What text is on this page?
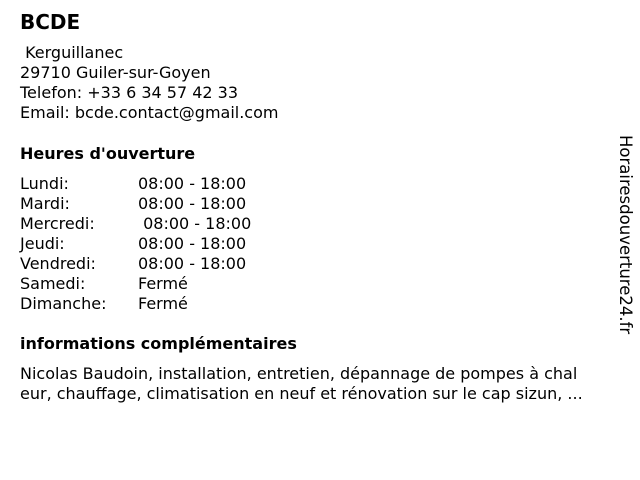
BCDE
Kerguillanec
29710 Guiler-sur-Goyen
Telefon: +33 6 34 57 42 33
Email: bcde.contact@gmail.com
Heures d'ouverture
Lundi:	08:00 - 18:00
Mardi:	08:00 - 18:00
Mercredi:	08:00 - 18:00
Jeudi:	08:00 - 18:00
Vendredi:	08:00 - 18:00
Samedi:	Fermé
Dimanche: Fermé
informations complémentaires
Nicolas Baudoin, installation, entretien, dépannage de pompes à chal
eur, chauffage, climatisation en neuf et rénovation sur le cap sizun, ...
Horairesdouverture24.fr
